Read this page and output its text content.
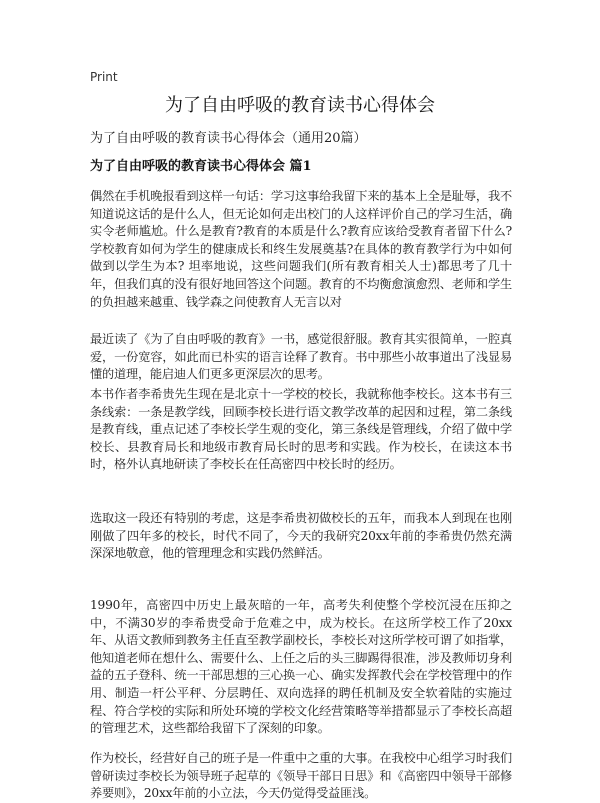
Print
为了自由呼吸的教育读书心得体会
为了自由呼吸的教育读书心得体会（通用20篇）
为了自由呼吸的教育读书心得体会 篇1

偶然在手机晚报看到这样一句话：学习这事给我留下来的基本上全是耻辱，我不知道说这话的是什么人，但无论如何走出校门的人这样评价自己的学习生活，确实令老师尴尬。什么是教育?教育的本质是什么?教育应该给受教育者留下什么?学校教育如何为学生的健康成长和终生发展奠基?在具体的教育教学行为中如何做到以学生为本? 坦率地说，这些问题我们(所有教育相关人士)都思考了几十年，但我们真的没有很好地回答这个问题。教育的不均衡愈演愈烈、老师和学生的负担越来越重、钱学森之问使教育人无言以对

最近读了《为了自由呼吸的教育》一书，感觉很舒服。教育其实很简单，一腔真爱，一份宽容，如此而已朴实的语言诠释了教育。书中那些小故事道出了浅显易懂的道理，能启迪人们更多更深层次的思考。

本书作者李希贵先生现在是北京十一学校的校长，我就称他李校长。这本书有三条线索：一条是教学线，回顾李校长进行语文教学改革的起因和过程，第二条线是教育线，重点记述了李校长学生观的变化，第三条线是管理线，介绍了做中学校长、县教育局长和地级市教育局长时的思考和实践。作为校长，在读这本书时，格外认真地研读了李校长在任高密四中校长时的经历。

选取这一段还有特别的考虑，这是李希贵初做校长的五年，而我本人到现在也刚刚做了四年多的校长，时代不同了，今天的我研究20xx年前的李希贵仍然充满深深地敬意，他的管理理念和实践仍然鲜活。

1990年，高密四中历史上最灰暗的一年，高考失利使整个学校沉浸在压抑之中，不满30岁的李希贵受命于危难之中，成为校长。在这所学校工作了20xx年、从语文教师到教务主任直至教学副校长，李校长对这所学校可谓了如指掌，他知道老师在想什么、需要什么、上任之后的头三脚踢得很准，涉及教师切身利益的五子登科、统一干部思想的三心换一心、确实发挥教代会在学校管理中的作用、制造一杆公平秤、分层聘任、双向选择的聘任机制及安全软着陆的实施过程、符合学校的实际和所处环境的学校文化经营策略等举措都显示了李校长高超的管理艺术，这些都给我留下了深刻的印象。

作为校长，经营好自己的班子是一件重中之重的大事。在我校中心组学习时我们曾研读过李校长为领导班子起草的《领导干部日日思》和《高密四中领导干部修养要则》，20xx年前的小立法，今天仍觉得受益匪浅。
